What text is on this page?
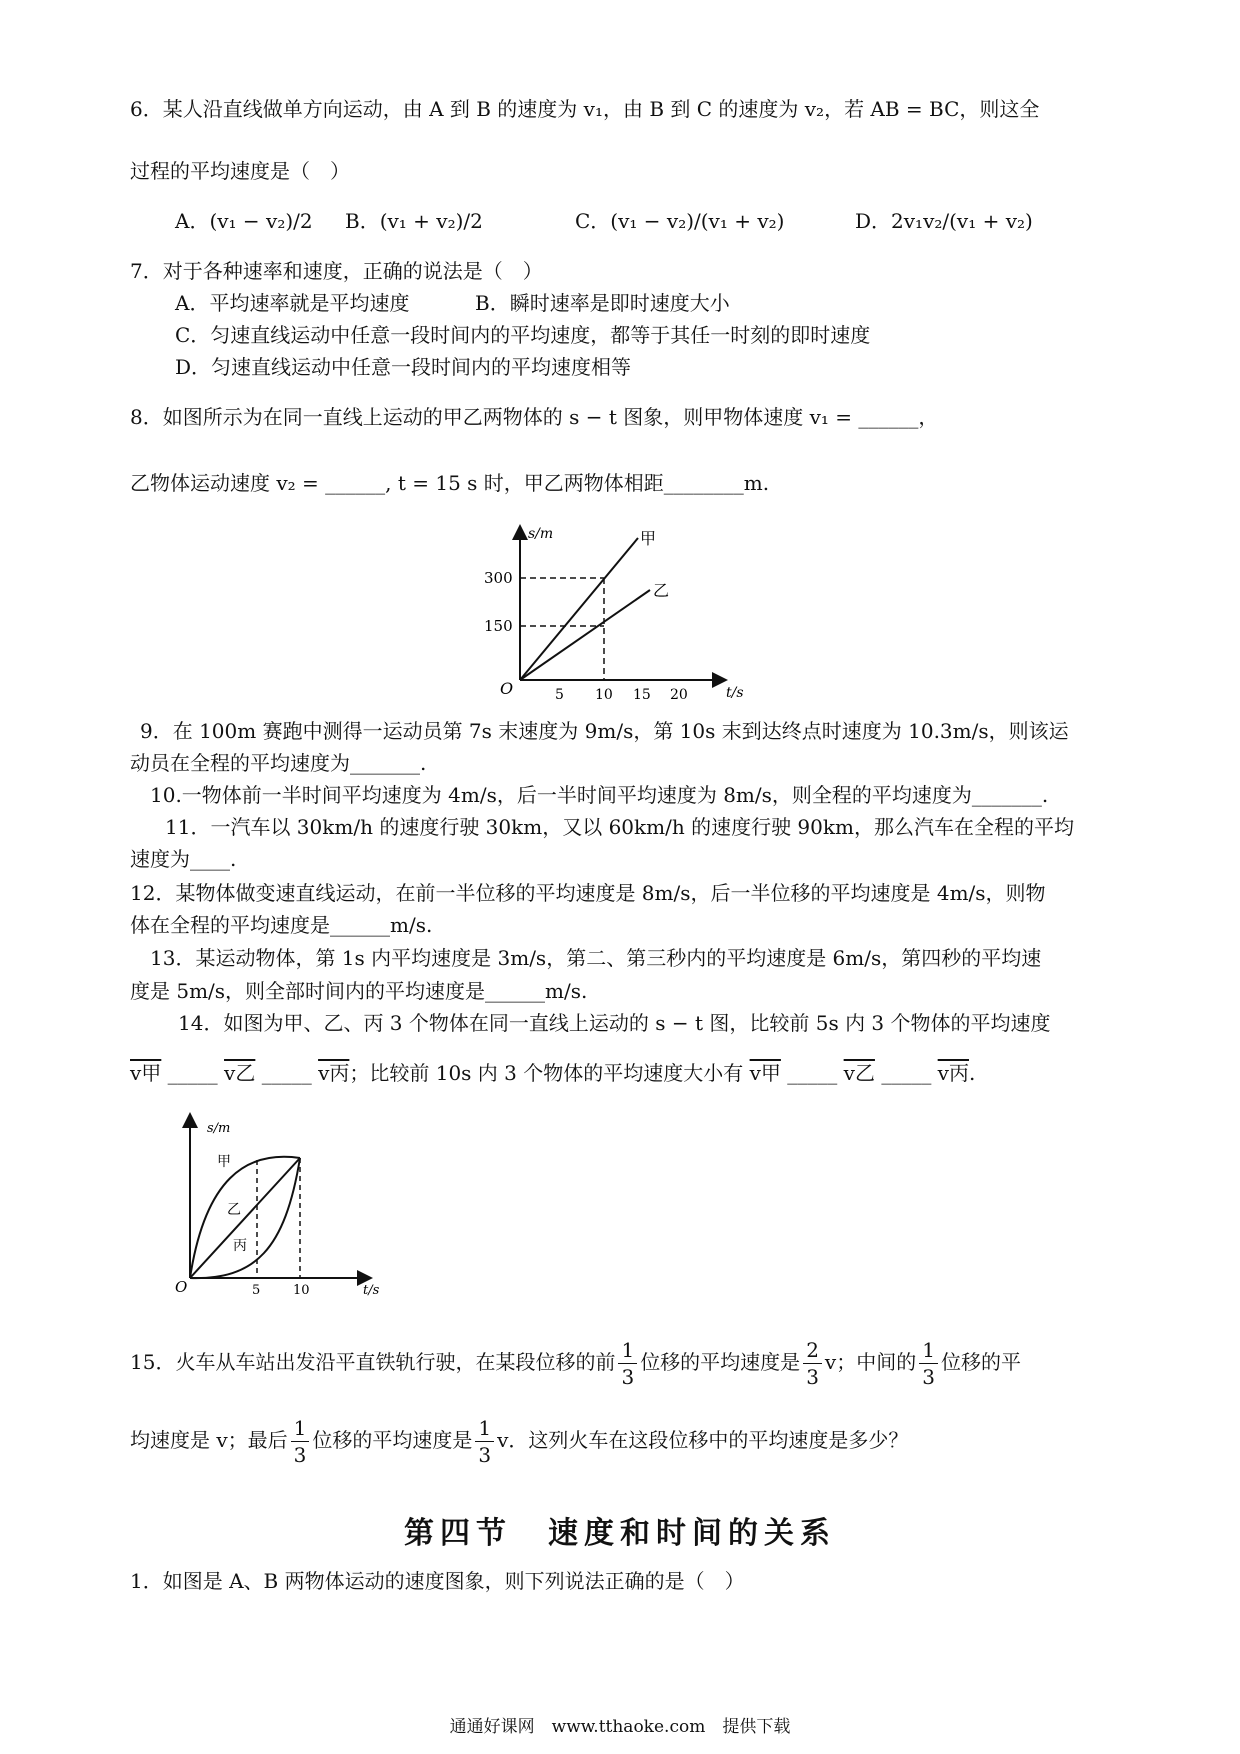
6．某人沿直线做单方向运动，由 A 到 B 的速度为 v₁，由 B 到 C 的速度为 v₂，若 AB = BC，则这全
过程的平均速度是（　）
A．(v₁ − v₂)/2 B．(v₁ + v₂)/2	C．(v₁ − v₂)/(v₁ + v₂)	D．2v₁v₂/(v₁ + v₂)
7．对于各种速率和速度，正确的说法是（　）
A．平均速率就是平均速度	B．瞬时速率是即时速度大小
C．匀速直线运动中任意一段时间内的平均速度，都等于其任一时刻的即时速度
D．匀速直线运动中任意一段时间内的平均速度相等
8．如图所示为在同一直线上运动的甲乙两物体的 s − t 图象，则甲物体速度 v₁ = ______，
乙物体运动速度 v₂ = ______, t = 15 s 时，甲乙两物体相距________m.
s/m
t/s
O
300
150
5 10 15 20
甲
乙
9．在 100m 赛跑中测得一运动员第 7s 末速度为 9m/s，第 10s 末到达终点时速度为 10.3m/s，则该运
动员在全程的平均速度为_______.
10.一物体前一半时间平均速度为 4m/s，后一半时间平均速度为 8m/s，则全程的平均速度为_______.
11．一汽车以 30km/h 的速度行驶 30km，又以 60km/h 的速度行驶 90km，那么汽车在全程的平均
速度为____.
12．某物体做变速直线运动，在前一半位移的平均速度是 8m/s，后一半位移的平均速度是 4m/s，则物
体在全程的平均速度是______m/s.
13．某运动物体，第 1s 内平均速度是 3m/s，第二、第三秒内的平均速度是 6m/s，第四秒的平均速
度是 5m/s，则全部时间内的平均速度是______m/s.
14．如图为甲、乙、丙 3 个物体在同一直线上运动的 s − t 图，比较前 5s 内 3 个物体的平均速度
v甲 _____ v乙 _____ v丙；比较前 10s 内 3 个物体的平均速度大小有 v甲 _____ v乙 _____ v丙.
s/m
t/s
O	5	10
甲
乙
丙
15．火车从车站出发沿平直铁轨行驶，在某段位移的前 $\frac{1}{3}$ 位移的平均速度是 $\frac{2}{3}$ v；中间的 $\frac{1}{3}$ 位移的平
均速度是 v；最后 $\frac{1}{3}$ 位移的平均速度是 $\frac{1}{3}$ v．这列火车在这段位移中的平均速度是多少？
第四节　速度和时间的关系
1．如图是 A、B 两物体运动的速度图象，则下列说法正确的是（　）
通通好课网　www.tthaoke.com　提供下载
